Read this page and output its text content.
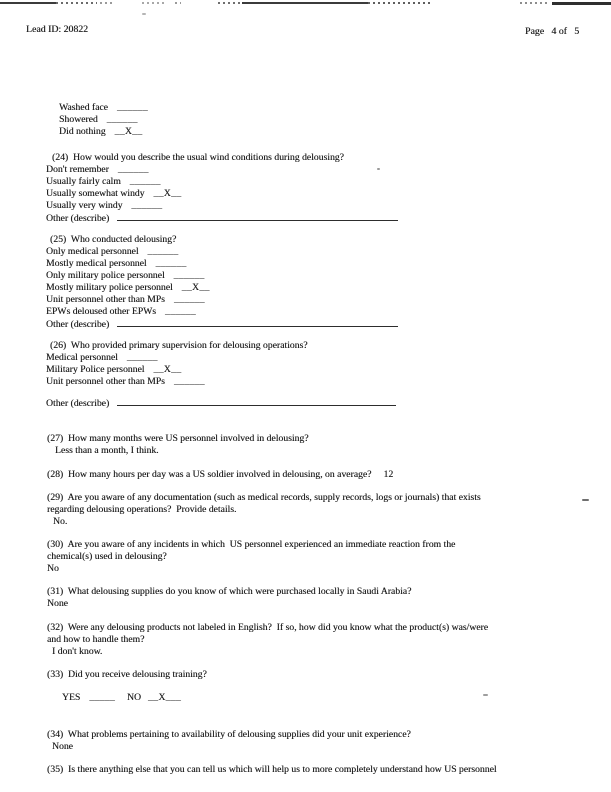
Lead ID: 20822	Page   4 of   5
Washed face ______
Showered ______
Did nothing __X__
(24)  How would you describe the usual wind conditions during delousing?
Don't remember ______
Usually fairly calm ______
Usually somewhat windy __X__
Usually very windy ______
Other (describe)
(25)  Who conducted delousing?
Only medical personnel ______
Mostly medical personnel ______
Only military police personnel ______
Mostly military police personnel __X__
Unit personnel other than MPs ______
EPWs deloused other EPWs ______
Other (describe)
(26)  Who provided primary supervision for delousing operations?
Medical personnel ______
Military Police personnel __X__
Unit personnel other than MPs ______
Other (describe)
(27)  How many months were US personnel involved in delousing?
Less than a month, I think.
(28)  How many hours per day was a US soldier involved in delousing, on average? 12
(29)  Are you aware of any documentation (such as medical records, supply records, logs or journals) that exists
regarding delousing operations?  Provide details.
No.
(30)  Are you aware of any incidents in which  US personnel experienced an immediate reaction from the
chemical(s) used in delousing?
No
(31)  What delousing supplies do you know of which were purchased locally in Saudi Arabia?
None
(32)  Were any delousing products not labeled in English?  If so, how did you know what the product(s) was/were
and how to handle them?
I don't know.
(33)  Did you receive delousing training?
YES _____ NO __X___
(34)  What problems pertaining to availability of delousing supplies did your unit experience?
None
(35)  Is there anything else that you can tell us which will help us to more completely understand how US personnel
